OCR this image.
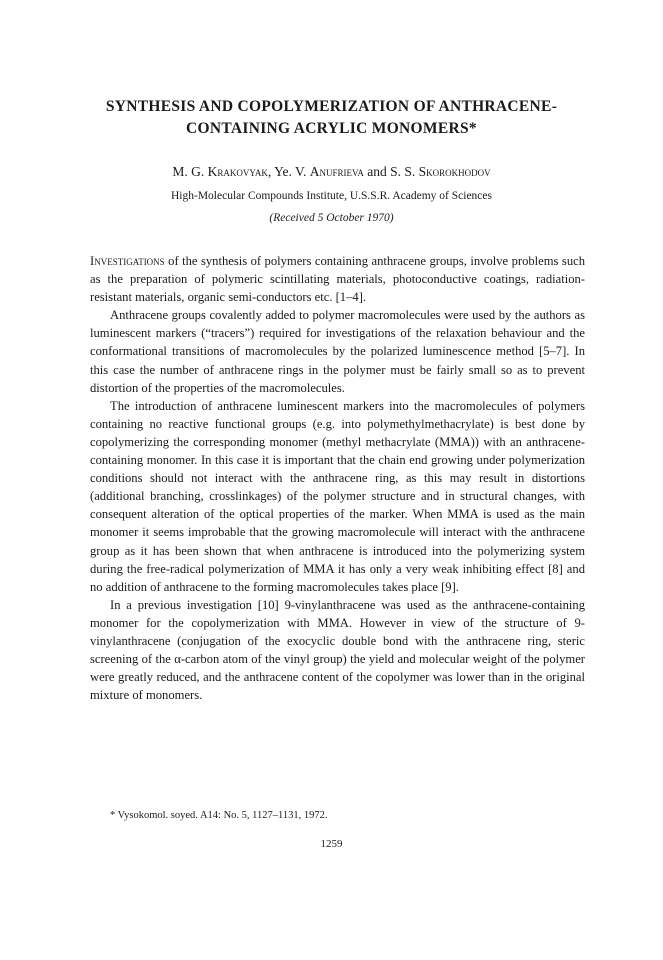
SYNTHESIS AND COPOLYMERIZATION OF ANTHRACENE-
CONTAINING ACRYLIC MONOMERS*

M. G. Krakovyak, Ye. V. Anufrieva and S. S. Skorokhodov

High-Molecular Compounds Institute, U.S.S.R. Academy of Sciences

(Received 5 October 1970)

Investigations of the synthesis of polymers containing anthracene groups, involve problems such as the preparation of polymeric scintillating materials, photoconductive coatings, radiation-resistant materials, organic semi-conductors etc. [1–4].

Anthracene groups covalently added to polymer macromolecules were used by the authors as luminescent markers (“tracers”) required for investigations of the relaxation behaviour and the conformational transitions of macromolecules by the polarized luminescence method [5–7]. In this case the number of anthracene rings in the polymer must be fairly small so as to prevent distortion of the properties of the macromolecules.

The introduction of anthracene luminescent markers into the macromolecules of polymers containing no reactive functional groups (e.g. into polymethylmethacrylate) is best done by copolymerizing the corresponding monomer (methyl methacrylate (MMA)) with an anthracene-containing monomer. In this case it is important that the chain end growing under polymerization conditions should not interact with the anthracene ring, as this may result in distortions (additional branching, crosslinkages) of the polymer structure and in structural changes, with consequent alteration of the optical properties of the marker. When MMA is used as the main monomer it seems improbable that the growing macromolecule will interact with the anthracene group as it has been shown that when anthracene is introduced into the polymerizing system during the free-radical polymerization of MMA it has only a very weak inhibiting effect [8] and no addition of anthracene to the forming macromolecules takes place [9].

In a previous investigation [10] 9-vinylanthracene was used as the anthracene-containing monomer for the copolymerization with MMA. However in view of the structure of 9-vinylanthracene (conjugation of the exocyclic double bond with the anthracene ring, steric screening of the α-carbon atom of the vinyl group) the yield and molecular weight of the polymer were greatly reduced, and the anthracene content of the copolymer was lower than in the original mixture of monomers.

* Vysokomol. soyed. A14: No. 5, 1127–1131, 1972.

1259
